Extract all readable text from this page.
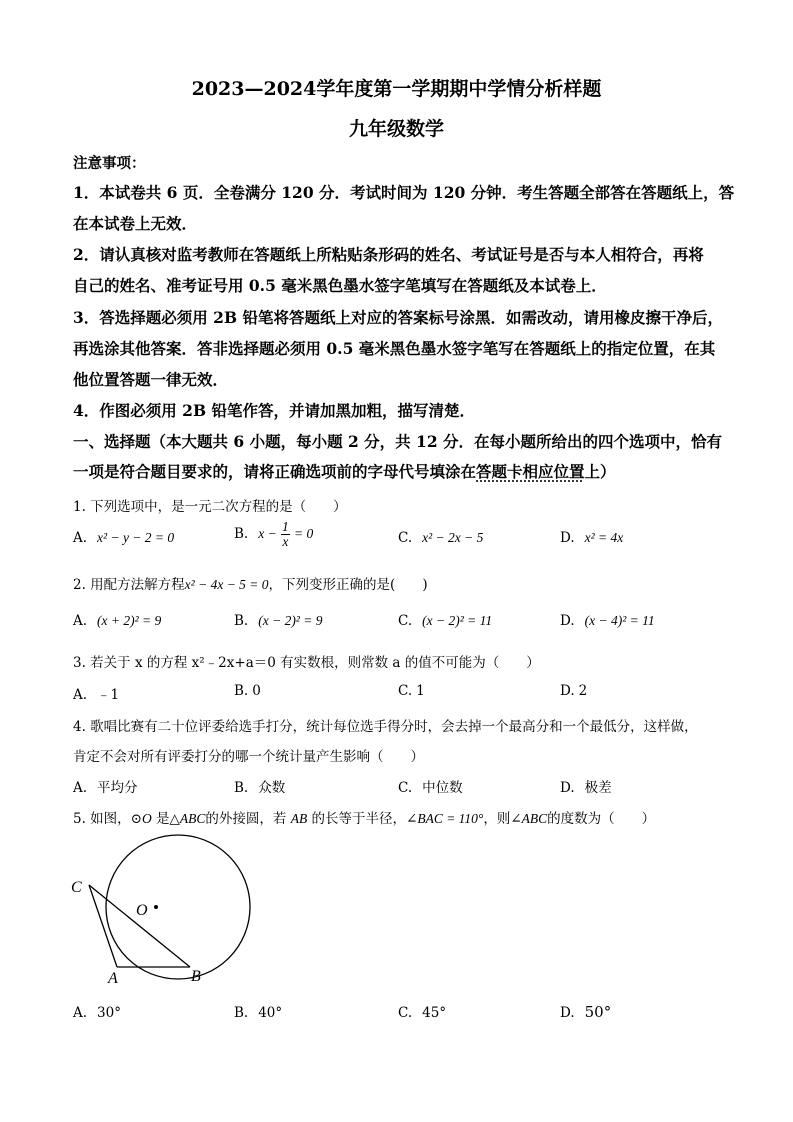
2023—2024学年度第一学期期中学情分析样题
九年级数学
注意事项：
1．本试卷共 6 页．全卷满分 120 分．考试时间为 120 分钟．考生答题全部答在答题纸上，答
在本试卷上无效．
2．请认真核对监考教师在答题纸上所粘贴条形码的姓名、考试证号是否与本人相符合，再将
自己的姓名、准考证号用 0.5 毫米黑色墨水签字笔填写在答题纸及本试卷上．
3．答选择题必须用 2B 铅笔将答题纸上对应的答案标号涂黑．如需改动，请用橡皮擦干净后，
再选涂其他答案．答非选择题必须用 0.5 毫米黑色墨水签字笔写在答题纸上的指定位置，在其
他位置答题一律无效．
4．作图必须用 2B 铅笔作答，并请加黑加粗，描写清楚．
一、选择题（本大题共 6 小题，每小题 2 分，共 12 分．在每小题所给出的四个选项中，恰有
一项是符合题目要求的，请将正确选项前的字母代号填涂在答题卡相应位置上）
1. 下列选项中，是一元二次方程的是（　　）
A. x² − y − 2 = 0	B. $x - \frac{1}{x} = 0$	C. x² − 2x − 5	D. x² = 4x
2. 用配方法解方程x² − 4x − 5 = 0，下列变形正确的是(　　)
A. (x + 2)² = 9	B. (x − 2)² = 9	C. (x − 2)² = 11	D. (x − 4)² = 11
3. 若关于 x 的方程 x²﹣2x+a＝0 有实数根，则常数 a 的值不可能为（　　）
A. ﹣1	B. 0	C. 1	D. 2
4. 歌唱比赛有二十位评委给选手打分，统计每位选手得分时，会去掉一个最高分和一个最低分，这样做，
肯定不会对所有评委打分的哪一个统计量产生影响（　　）
A. 平均分	B. 众数	C. 中位数	D. 极差
5. 如图，⊙O 是△ABC的外接圆，若 AB 的长等于半径，∠BAC = 110°，则∠ABC的度数为（　　）
C
O
A	B
A. 30°	B. 40°	C. 45°	D. 50°
